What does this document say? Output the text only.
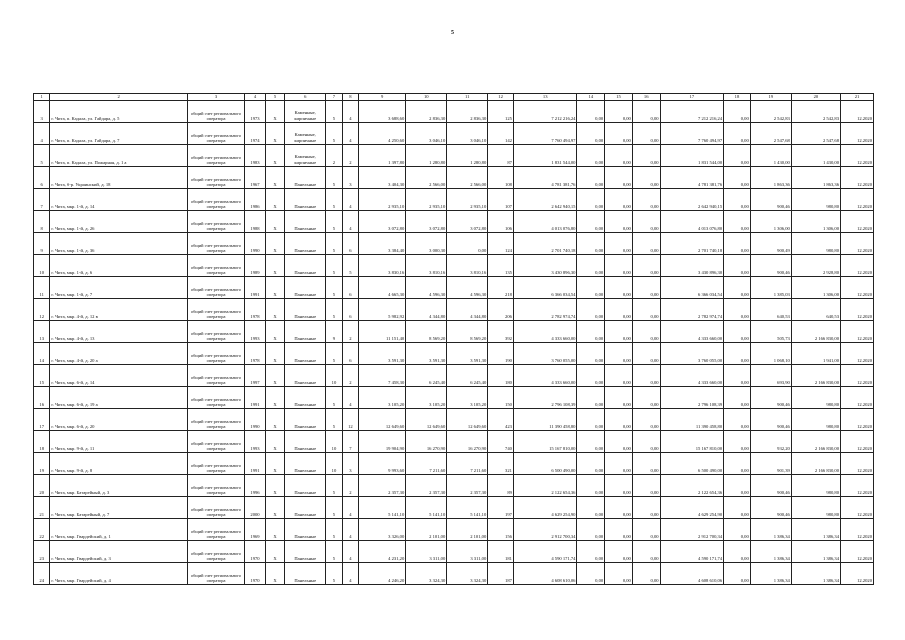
5
1	2	3	4	5	6	7	8	9	10	11	12	13	14	15	16	17	18	19	20	21
3	г. Чита, п. Кадала, ул. Гайдара, д. 5	общий счет регионального оператора	1973	Х	Каменные, кирпичные	5	4	3 688,60	2 836,30	2 836,30	125	7 212 216,24	0,00	0,00	0,00	7 212 216,24	0,00	2 542,83	2 542,83	12.2020
4	г. Чита, п. Кадала, ул. Гайдара, д. 7	общий счет регионального оператора	1974	Х	Каменные, кирпичные	5	4	4 250,60	3 046,10	3 046,10	142	7 760 494,97	0,00	0,00	0,00	7 760 494,97	0,00	2 547,68	2 547,68	12.2020
5	г. Чита, п. Кадала, ул. Пожарная, д. 1 а	общий счет регионального оператора	1983	Х	Каменные, кирпичные	2	2	1 397,80	1 280,80	1 280,80	87	1 831 544,00	0,00	0,00	0,00	1 831 544,00	0,00	1 430,00	1 430,00	12.2020
6	г. Чита, б-р. Украинский, д. 18	общий счет регионального оператора	1967	Х	Панельные	5	3	3 404,30	2 566,00	2 566,00	108	4 781 381,76	0,00	0,00	0,00	4 781 381,76	0,00	1 863,36	1 863,36	12.2020
7	г. Чита, мкр. 1-й, д. 14	общий счет регионального оператора	1986	Х	Панельные	5	4	2 935,10	2 935,10	2 935,10	107	2 642 940,15	0,00	0,00	0,00	2 642 940,15	0,00	900,46	980,80	12.2020
8	г. Чита, мкр. 1-й, д. 26	общий счет регионального оператора	1988	Х	Панельные	5	4	3 072,80	3 072,80	3 072,80	106	4 013 076,80	0,00	0,00	0,00	4 013 076,80	0,00	1 306,00	1 306,00	12.2020
9	г. Чита, мкр. 1-й, д. 36	общий счет регионального оператора	1990	Х	Панельные	5	6	3 384,40	3 000,30	0,00	124	2 701 740,18	0,00	0,00	0,00	2 701 740,18	0,00	900,49	980,80	12.2020
10	г. Чита, мкр. 1-й, д. 6	общий счет регионального оператора	1989	Х	Панельные	5	5	3 830,16	3 810,16	3 810,16	135	3 430 896,30	0,00	0,00	0,00	3 430 896,30	0,00	900,46	2 928,80	12.2020
11	г. Чита, мкр. 1-й, д. 7	общий счет регионального оператора	1991	Х	Панельные	5	6	4 665,30	4 596,30	4 596,30	218	6 366 034,54	0,00	0,00	0,00	6 366 034,54	0,00	1 385,03	1 306,00	12.2020
12	г. Чита, мкр. 4-й, д. 12 в	общий счет регионального оператора	1978	Х	Панельные	5	6	5 982,92	4 344,80	4 344,80	206	2 782 974,74	0,00	0,00	0,00	2 782 974,74	0,00	640,53	640,53	12.2020
13	г. Чита, мкр. 4-й, д. 13	общий счет регионального оператора	1993	Х	Панельные	9	2	11 151,40	8 569,20	8 569,20	392	4 333 660,00	0,00	0,00	0,00	4 333 660,00	0,00	505,73	2 166 830,00	12.2020
14	г. Чита, мкр. 4-й, д. 20 а	общий счет регионального оператора	1978	Х	Панельные	5	6	3 591,30	3 591,30	3 591,30	190	3 760 055,00	0,00	0,00	0,00	3 760 055,00	0,00	1 068,10	1 941,00	12.2020
15	г. Чита, мкр. 6-й, д. 14	общий счет регионального оператора	1997	Х	Панельные	10	2	7 458,30	6 245,40	6 245,40	180	4 333 660,00	0,00	0,00	0,00	4 333 660,00	0,00	693,90	2 166 830,00	12.2020
16	г. Чита, мкр. 6-й, д. 19 а	общий счет регионального оператора	1991	Х	Панельные	5	4	3 105,20	3 105,20	3 105,20	150	2 796 108,39	0,00	0,00	0,00	2 796 108,39	0,00	900,46	980,80	12.2020
17	г. Чита, мкр. 6-й, д. 20	общий счет регионального оператора	1990	Х	Панельные	5	12	12 649,60	12 649,60	12 649,60	423	11 390 458,80	0,00	0,00	0,00	11 390 458,80	0,00	900,46	980,80	12.2020
18	г. Чита, мкр. 9-й, д. 11	общий счет регионального оператора	1993	Х	Панельные	10	7	19 904,90	16 270,90	16 270,90	740	15 167 810,00	0,00	0,00	0,00	15 167 810,00	0,00	932,20	2 166 830,00	12.2020
19	г. Чита, мкр. 9-й, д. 8	общий счет регионального оператора	1991	Х	Панельные	10	3	9 993,60	7 211,60	7 211,60	321	6 500 490,00	0,00	0,00	0,00	6 500 490,00	0,00	901,39	2 166 830,00	12.2020
20	г. Чита, мкр. Батарейный, д. 3	общий счет регионального оператора	1996	Х	Панельные	5	2	2 357,30	2 357,30	2 357,30	89	2 122 654,36	0,00	0,00	0,00	2 122 654,36	0,00	900,46	980,80	12.2020
21	г. Чита, мкр. Батарейный, д. 7	общий счет регионального оператора	2000	Х	Панельные	5	4	5 141,10	5 141,10	5 141,10	197	4 629 254,90	0,00	0,00	0,00	4 629 254,90	0,00	900,46	980,80	12.2020
22	г. Чита, мкр. Гвардейский, д. 1	общий счет регионального оператора	1969	Х	Панельные	5	4	3 326,00	2 101,00	2 101,00	156	2 912 700,34	0,00	0,00	0,00	2 912 700,34	0,00	1 386,34	1 386,34	12.2020
23	г. Чита, мкр. Гвардейский, д. 3	общий счет регионального оператора	1970	Х	Панельные	5	4	4 231,20	3 311,00	3 311,00	181	4 590 171,74	0,00	0,00	0,00	4 590 171,74	0,00	1 386,34	1 386,34	12.2020
24	г. Чита, мкр. Гвардейский, д. 4	общий счет регионального оператора	1970	Х	Панельные	5	4	4 246,20	3 324,30	3 324,30	187	4 608 610,06	0,00	0,00	0,00	4 608 610,06	0,00	1 386,34	1 386,34	12.2020
